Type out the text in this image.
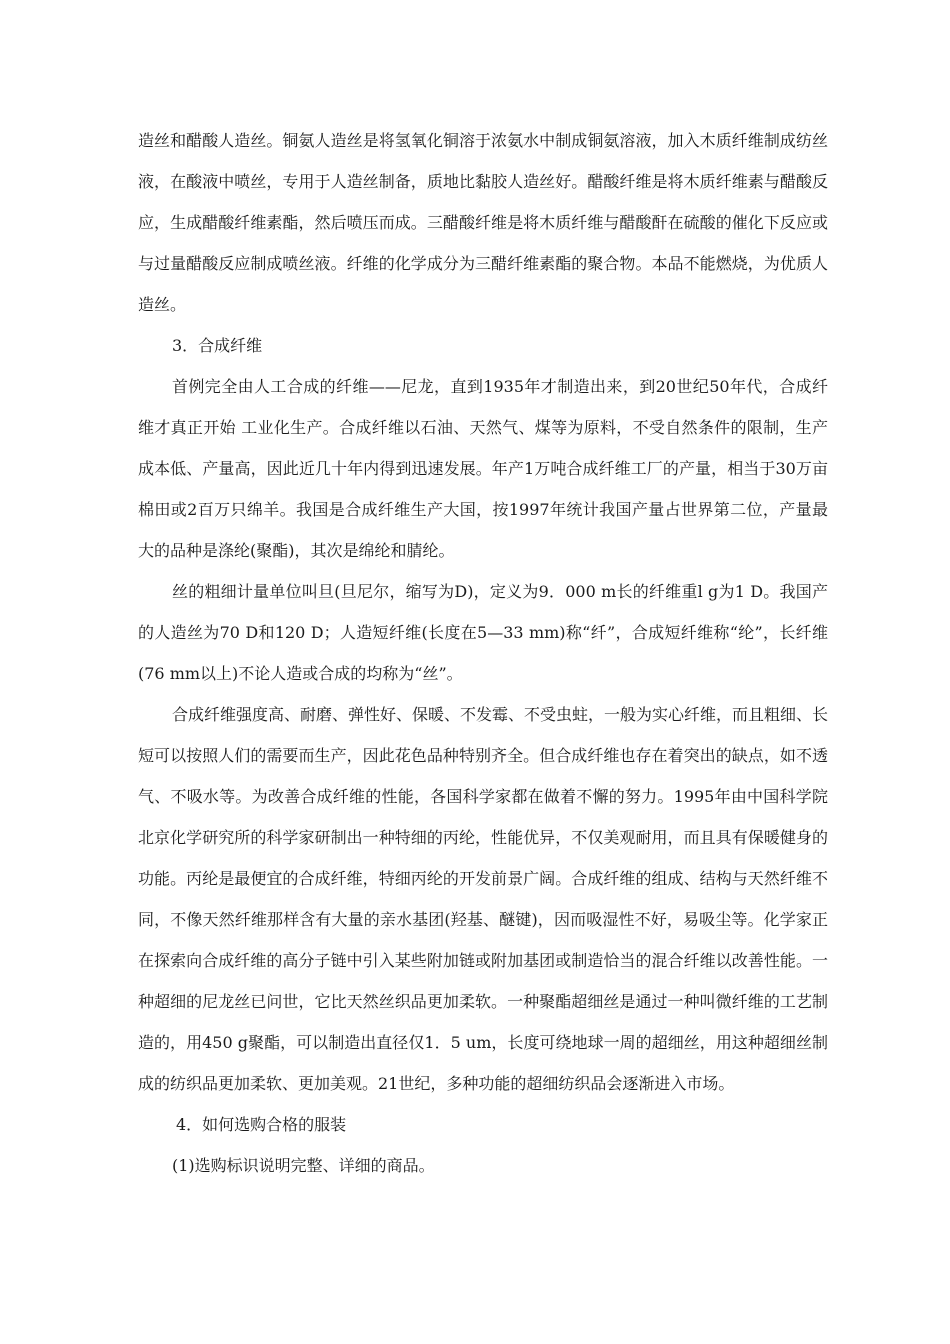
造丝和醋酸人造丝。铜氨人造丝是将氢氧化铜溶于浓氨水中制成铜氨溶液，加入木质纤维制成纺丝液，在酸液中喷丝，专用于人造丝制备，质地比黏胶人造丝好。醋酸纤维是将木质纤维素与醋酸反应，生成醋酸纤维素酯，然后喷压而成。三醋酸纤维是将木质纤维与醋酸酐在硫酸的催化下反应或与过量醋酸反应制成喷丝液。纤维的化学成分为三醋纤维素酯的聚合物。本品不能燃烧，为优质人造丝。

3．合成纤维

首例完全由人工合成的纤维——尼龙，直到1935年才制造出来，到20世纪50年代，合成纤维才真正开始 工业化生产。合成纤维以石油、天然气、煤等为原料，不受自然条件的限制，生产成本低、产量高，因此近几十年内得到迅速发展。年产1万吨合成纤维工厂的产量，相当于30万亩棉田或2百万只绵羊。我国是合成纤维生产大国，按1997年统计我国产量占世界第二位，产量最大的品种是涤纶(聚酯)，其次是绵纶和腈纶。

丝的粗细计量单位叫旦(旦尼尔，缩写为D)，定义为9．000 m长的纤维重l g为1 D。我国产的人造丝为70 D和120 D；人造短纤维(长度在5—33 mm)称“纤”，合成短纤维称“纶”，长纤维(76 mm以上)不论人造或合成的均称为“丝”。

合成纤维强度高、耐磨、弹性好、保暖、不发霉、不受虫蛀，一般为实心纤维，而且粗细、长短可以按照人们的需要而生产，因此花色品种特别齐全。但合成纤维也存在着突出的缺点，如不透气、不吸水等。为改善合成纤维的性能，各国科学家都在做着不懈的努力。1995年由中国科学院北京化学研究所的科学家研制出一种特细的丙纶，性能优异，不仅美观耐用，而且具有保暖健身的功能。丙纶是最便宜的合成纤维，特细丙纶的开发前景广阔。合成纤维的组成、结构与天然纤维不同，不像天然纤维那样含有大量的亲水基团(羟基、醚键)，因而吸湿性不好，易吸尘等。化学家正在探索向合成纤维的高分子链中引入某些附加链或附加基团或制造恰当的混合纤维以改善性能。一种超细的尼龙丝已问世，它比天然丝织品更加柔软。一种聚酯超细丝是通过一种叫微纤维的工艺制造的，用450 g聚酯，可以制造出直径仅1．5 um，长度可绕地球一周的超细丝，用这种超细丝制成的纺织品更加柔软、更加美观。21世纪，多种功能的超细纺织品会逐渐进入市场。

4．如何选购合格的服装

(1)选购标识说明完整、详细的商品。
